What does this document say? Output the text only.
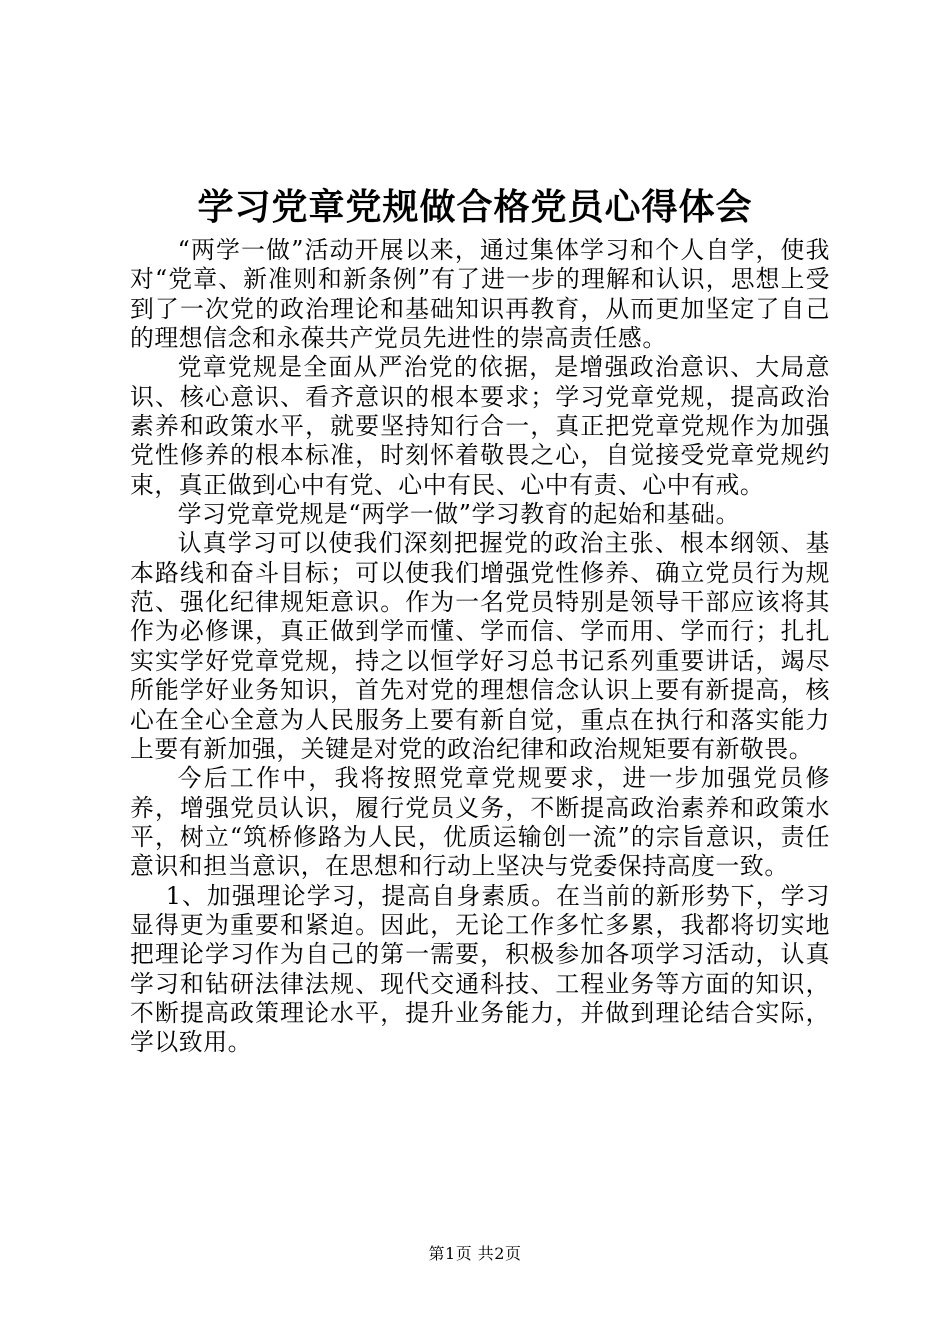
学习党章党规做合格党员心得体会

“两学一做”活动开展以来，通过集体学习和个人自学，使我对“党章、新准则和新条例”有了进一步的理解和认识，思想上受到了一次党的政治理论和基础知识再教育，从而更加坚定了自己的理想信念和永葆共产党员先进性的崇高责任感。

党章党规是全面从严治党的依据，是增强政治意识、大局意识、核心意识、看齐意识的根本要求；学习党章党规，提高政治素养和政策水平，就要坚持知行合一，真正把党章党规作为加强党性修养的根本标准，时刻怀着敬畏之心，自觉接受党章党规约束，真正做到心中有党、心中有民、心中有责、心中有戒。

学习党章党规是“两学一做”学习教育的起始和基础。

认真学习可以使我们深刻把握党的政治主张、根本纲领、基本路线和奋斗目标；可以使我们增强党性修养、确立党员行为规范、强化纪律规矩意识。作为一名党员特别是领导干部应该将其作为必修课，真正做到学而懂、学而信、学而用、学而行；扎扎实实学好党章党规，持之以恒学好习总书记系列重要讲话，竭尽所能学好业务知识，首先对党的理想信念认识上要有新提高，核心在全心全意为人民服务上要有新自觉，重点在执行和落实能力上要有新加强，关键是对党的政治纪律和政治规矩要有新敬畏。

今后工作中，我将按照党章党规要求，进一步加强党员修养，增强党员认识，履行党员义务，不断提高政治素养和政策水平，树立“筑桥修路为人民，优质运输创一流”的宗旨意识，责任意识和担当意识，在思想和行动上坚决与党委保持高度一致。

1、加强理论学习，提高自身素质。在当前的新形势下，学习显得更为重要和紧迫。因此，无论工作多忙多累，我都将切实地把理论学习作为自己的第一需要，积极参加各项学习活动，认真学习和钻研法律法规、现代交通科技、工程业务等方面的知识，不断提高政策理论水平，提升业务能力，并做到理论结合实际，学以致用。

第1页 共2页
